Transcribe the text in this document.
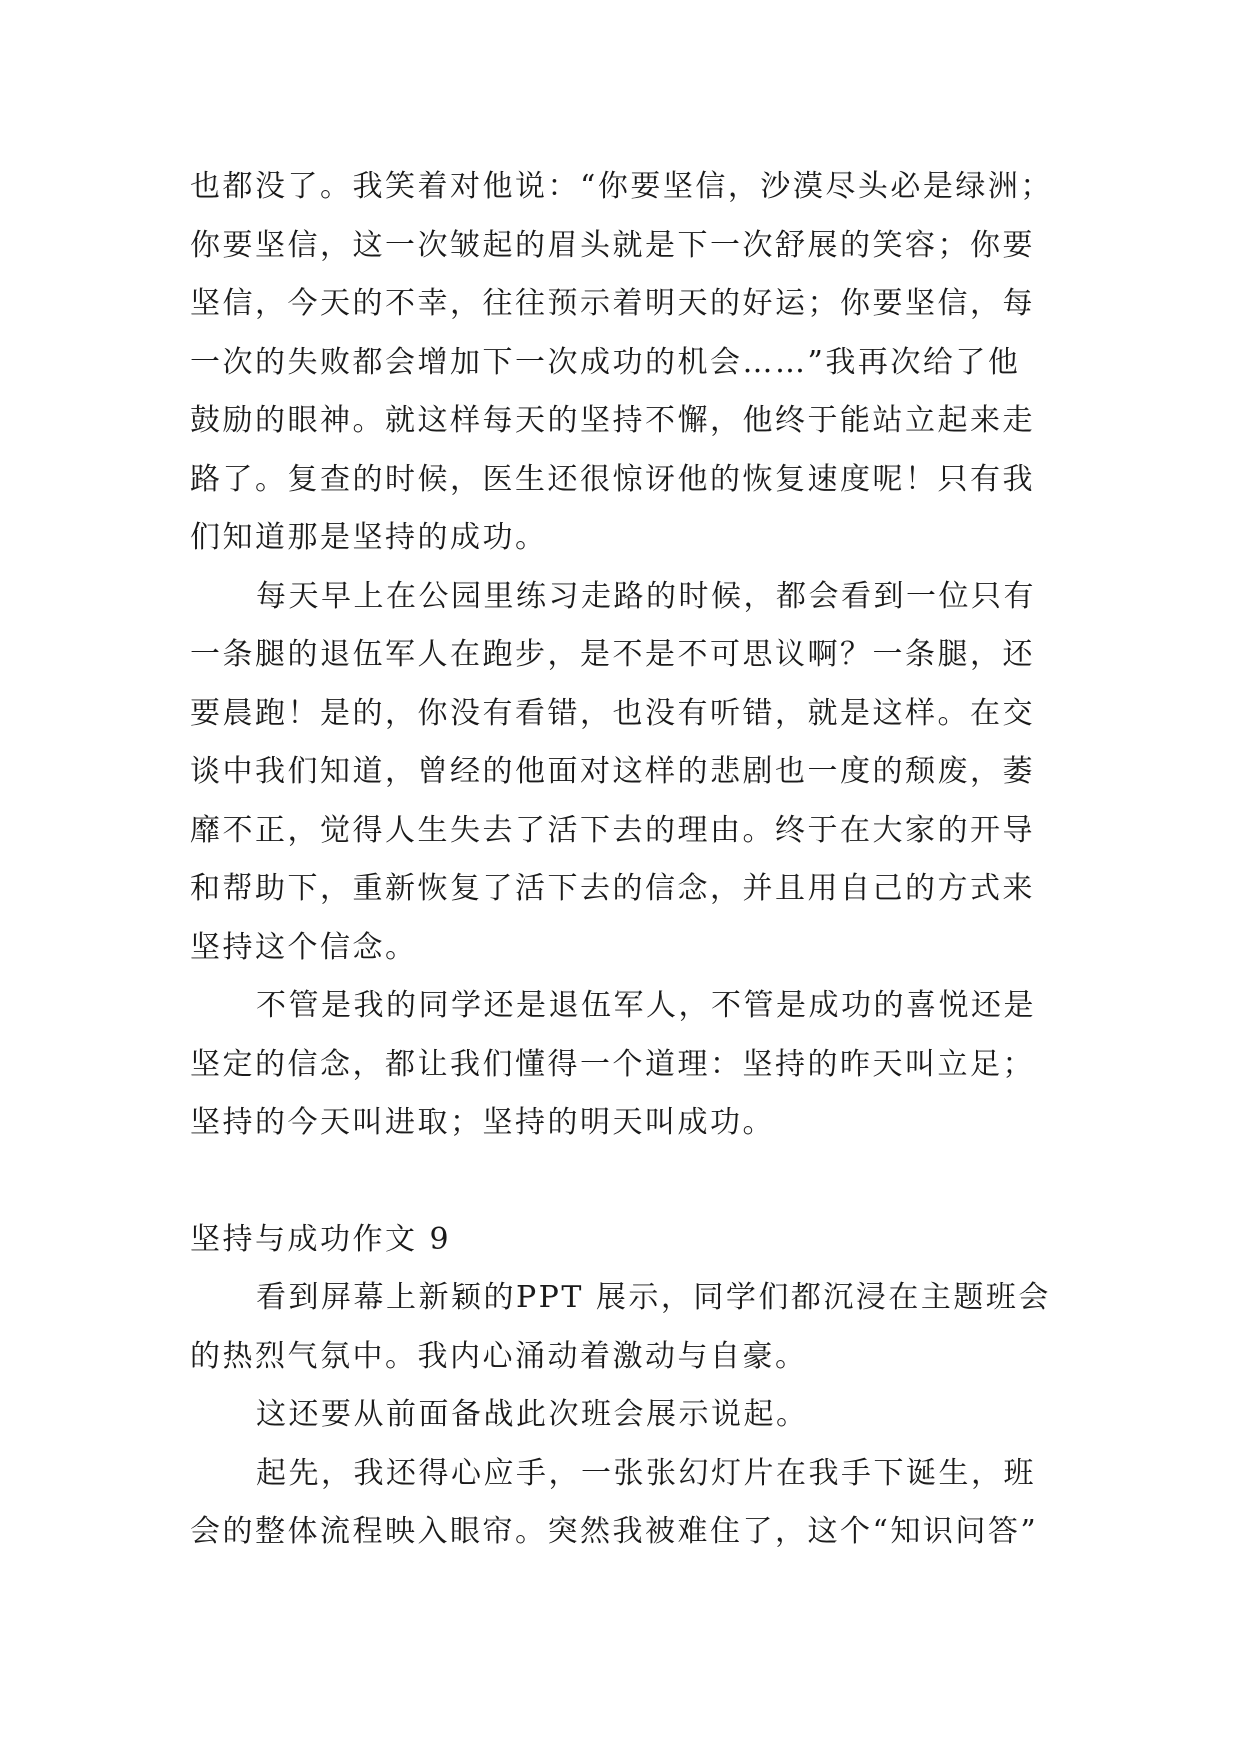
也都没了。我笑着对他说：“你要坚信，沙漠尽头必是绿洲；
你要坚信，这一次皱起的眉头就是下一次舒展的笑容；你要
坚信，今天的不幸，往往预示着明天的好运；你要坚信，每
一次的失败都会增加下一次成功的机会……”我再次给了他
鼓励的眼神。就这样每天的坚持不懈，他终于能站立起来走
路了。复查的时候，医生还很惊讶他的恢复速度呢！只有我
们知道那是坚持的成功。
每天早上在公园里练习走路的时候，都会看到一位只有
一条腿的退伍军人在跑步，是不是不可思议啊？一条腿，还
要晨跑！是的，你没有看错，也没有听错，就是这样。在交
谈中我们知道，曾经的他面对这样的悲剧也一度的颓废，萎
靡不正，觉得人生失去了活下去的理由。终于在大家的开导
和帮助下，重新恢复了活下去的信念，并且用自己的方式来
坚持这个信念。
不管是我的同学还是退伍军人，不管是成功的喜悦还是
坚定的信念，都让我们懂得一个道理：坚持的昨天叫立足；
坚持的今天叫进取；坚持的明天叫成功。
坚持与成功作文 9
看到屏幕上新颖的PPT 展示，同学们都沉浸在主题班会
的热烈气氛中。我内心涌动着激动与自豪。
这还要从前面备战此次班会展示说起。
起先，我还得心应手，一张张幻灯片在我手下诞生，班
会的整体流程映入眼帘。突然我被难住了，这个“知识问答”
